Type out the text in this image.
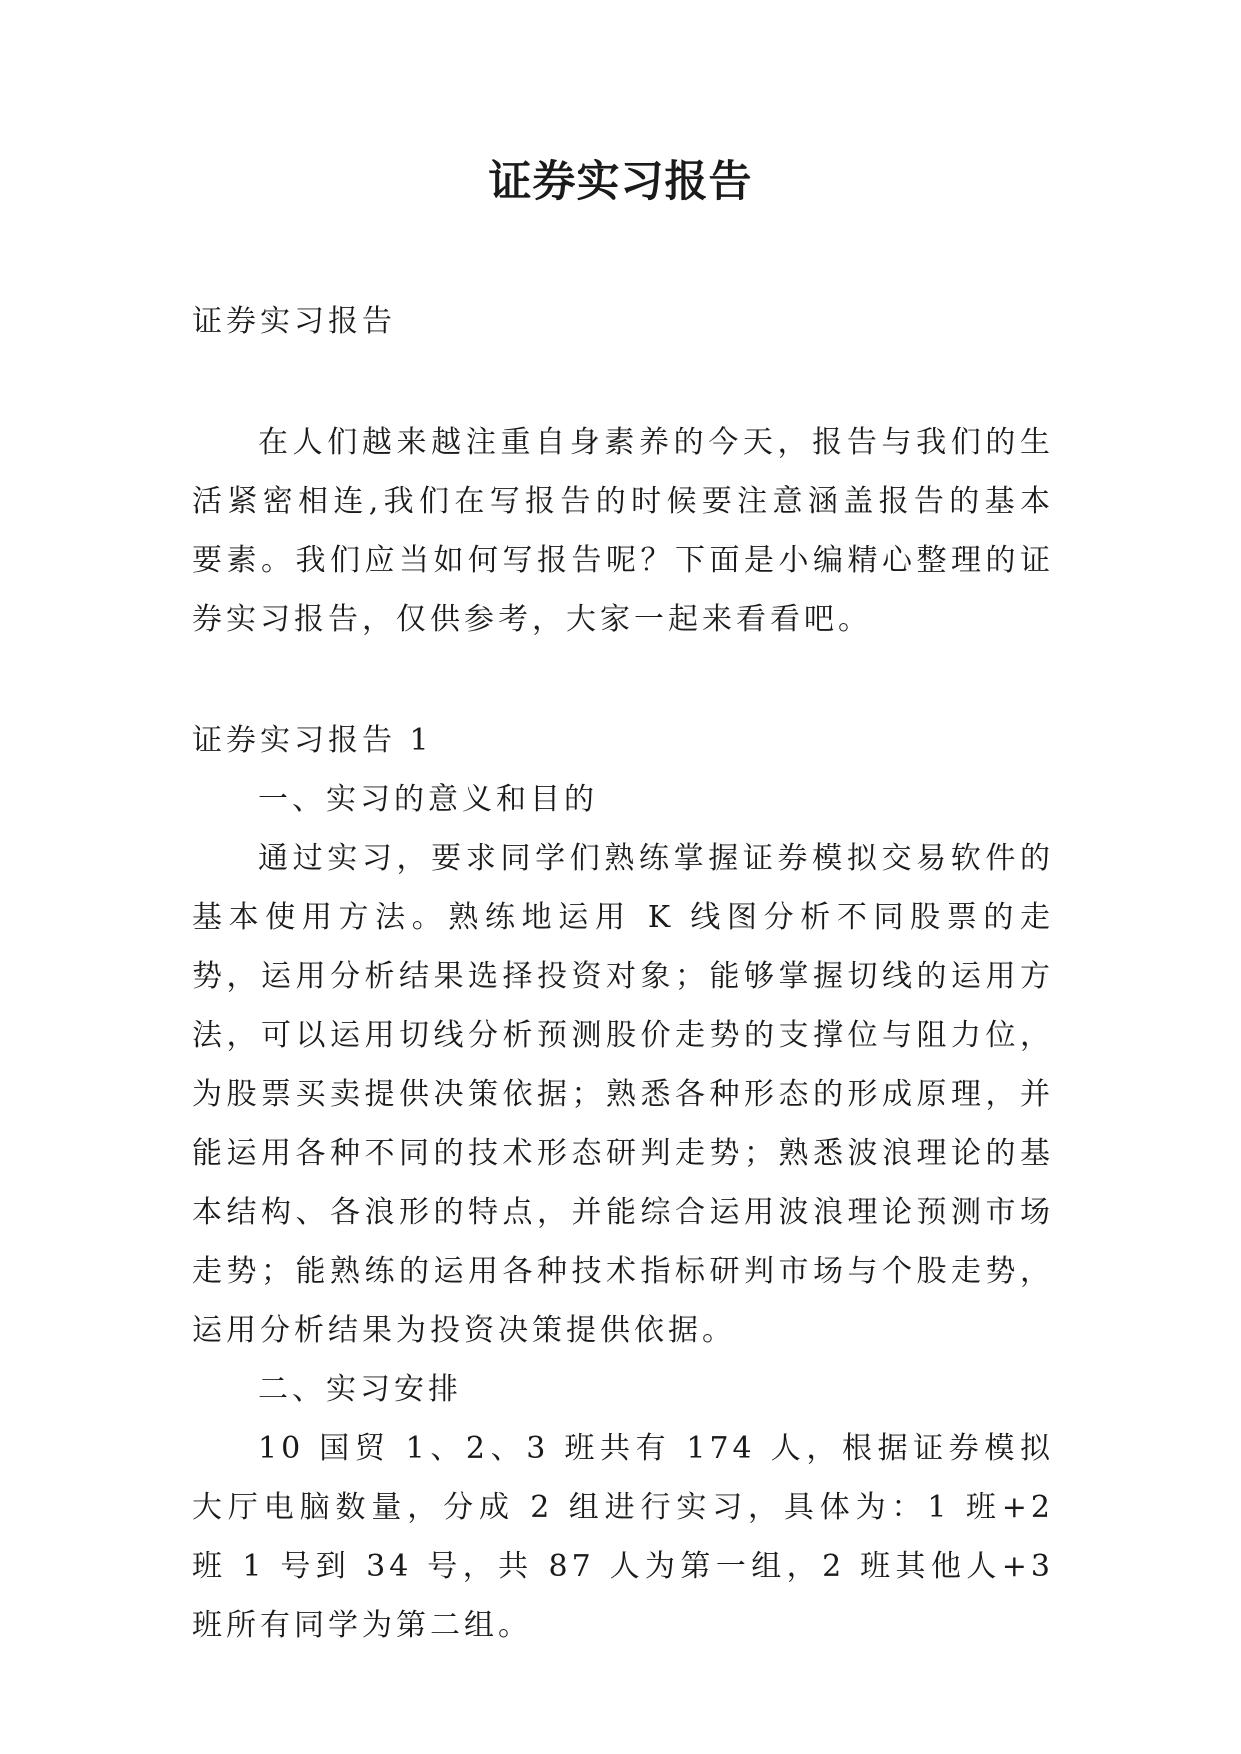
证券实习报告

证券实习报告

在人们越来越注重自身素养的今天，报告与我们的生活紧密相连,我们在写报告的时候要注意涵盖报告的基本要素。我们应当如何写报告呢？下面是小编精心整理的证券实习报告，仅供参考，大家一起来看看吧。

证券实习报告 1

一、实习的意义和目的

通过实习，要求同学们熟练掌握证券模拟交易软件的基本使用方法。熟练地运用 K 线图分析不同股票的走势，运用分析结果选择投资对象；能够掌握切线的运用方法，可以运用切线分析预测股价走势的支撑位与阻力位，为股票买卖提供决策依据；熟悉各种形态的形成原理，并能运用各种不同的技术形态研判走势；熟悉波浪理论的基本结构、各浪形的特点，并能综合运用波浪理论预测市场走势；能熟练的运用各种技术指标研判市场与个股走势，运用分析结果为投资决策提供依据。

二、实习安排

10 国贸 1、2、3 班共有 174 人，根据证券模拟大厅电脑数量，分成 2 组进行实习，具体为：1 班+2 班 1 号到 34 号，共 87 人为第一组，2 班其他人+3 班所有同学为第二组。
